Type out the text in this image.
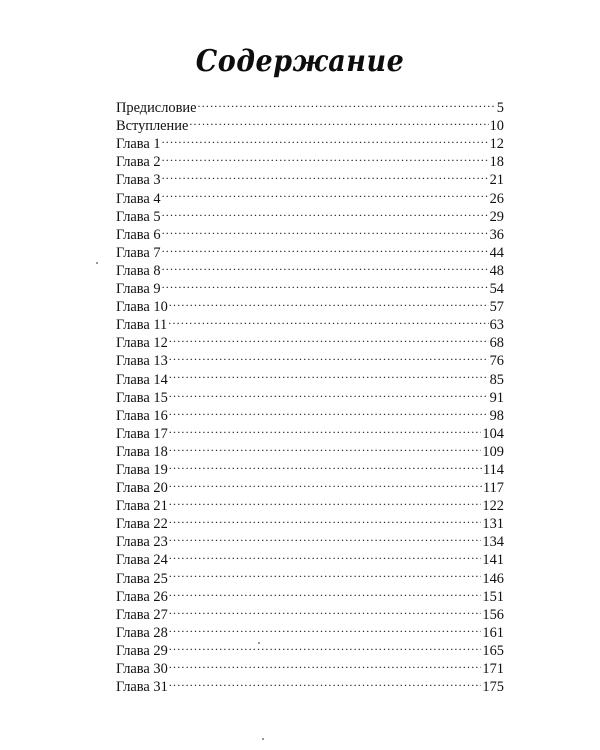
Содержание
Предисловие .....	5
Вступление .....	10
Глава 1 .....	12
Глава 2 .....	18
Глава 3 .....	21
Глава 4 .....	26
Глава 5 .....	29
Глава 6 .....	36
Глава 7 .....	44
Глава 8 .....	48
Глава 9 .....	54
Глава 10 .....	57
Глава 11 .....	63
Глава 12 .....	68
Глава 13 .....	76
Глава 14 .....	85
Глава 15 .....	91
Глава 16 .....	98
Глава 17 .....	104
Глава 18 .....	109
Глава 19 .....	114
Глава 20 .....	117
Глава 21 .....	122
Глава 22 .....	131
Глава 23 .....	134
Глава 24 .....	141
Глава 25 .....	146
Глава 26 .....	151
Глава 27 .....	156
Глава 28 .....	161
Глава 29 .....	165
Глава 30 .....	171
Глава 31 .....	175
